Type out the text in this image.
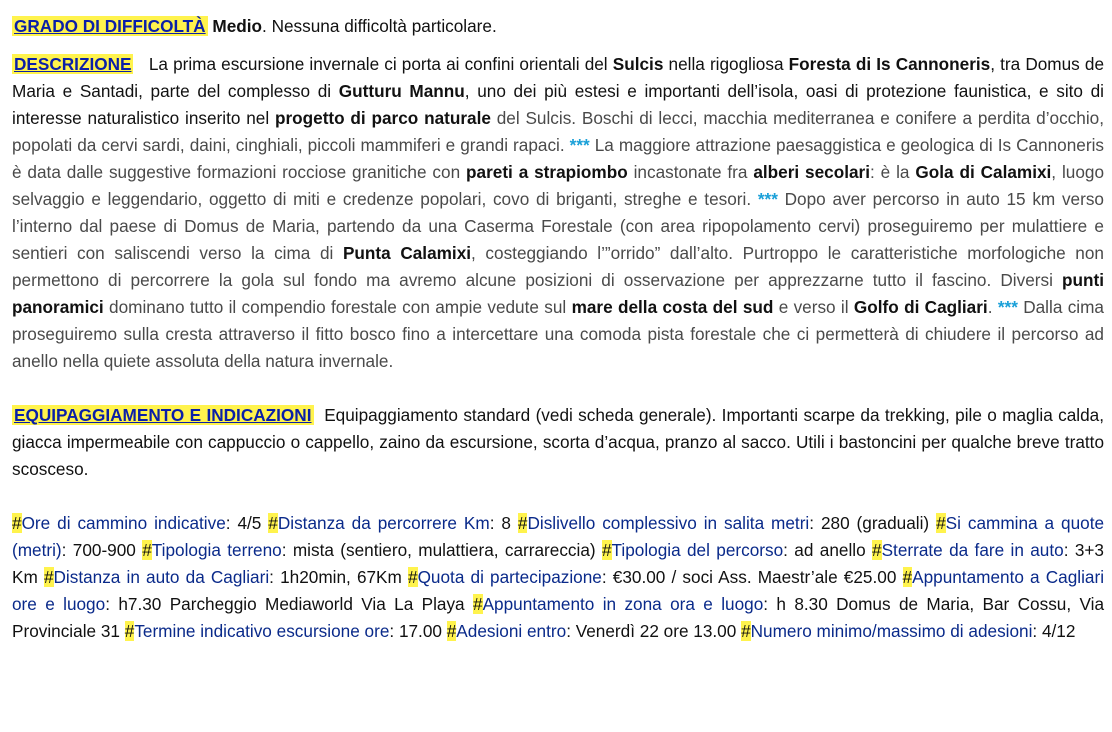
GRADO DI DIFFICOLTÀ Medio. Nessuna difficoltà particolare.

DESCRIZIONE La prima escursione invernale ci porta ai confini orientali del Sulcis nella rigogliosa Foresta di Is Cannoneris, tra Domus de Maria e Santadi, parte del complesso di Gutturu Mannu, uno dei più estesi e importanti dell’isola, oasi di protezione faunistica, e sito di interesse naturalistico inserito nel progetto di parco naturale del Sulcis. Boschi di lecci, macchia mediterranea e conifere a perdita d’occhio, popolati da cervi sardi, daini, cinghiali, piccoli mammiferi e grandi rapaci. *** La maggiore attrazione paesaggistica e geologica di Is Cannoneris è data dalle suggestive formazioni rocciose granitiche con pareti a strapiombo incastonate fra alberi secolari: è la Gola di Calamixi, luogo selvaggio e leggendario, oggetto di miti e credenze popolari, covo di briganti, streghe e tesori. *** Dopo aver percorso in auto 15 km verso l’interno dal paese di Domus de Maria, partendo da una Caserma Forestale (con area ripopolamento cervi) proseguiremo per mulattiere e sentieri con saliscendi verso la cima di Punta Calamixi, costeggiando l’”orrido” dall’alto. Purtroppo le caratteristiche morfologiche non permettono di percorrere la gola sul fondo ma avremo alcune posizioni di osservazione per apprezzarne tutto il fascino. Diversi punti panoramici dominano tutto il compendio forestale con ampie vedute sul mare della costa del sud e verso il Golfo di Cagliari. *** Dalla cima proseguiremo sulla cresta attraverso il fitto bosco fino a intercettare una comoda pista forestale che ci permetterà di chiudere il percorso ad anello nella quiete assoluta della natura invernale.

EQUIPAGGIAMENTO E INDICAZIONI Equipaggiamento standard (vedi scheda generale). Importanti scarpe da trekking, pile o maglia calda, giacca impermeabile con cappuccio o cappello, zaino da escursione, scorta d’acqua, pranzo al sacco. Utili i bastoncini per qualche breve tratto scosceso.

#Ore di cammino indicative: 4/5 #Distanza da percorrere Km: 8 #Dislivello complessivo in salita metri: 280 (graduali) #Si cammina a quote (metri): 700-900 #Tipologia terreno: mista (sentiero, mulattiera, carrareccia) #Tipologia del percorso: ad anello #Sterrate da fare in auto: 3+3 Km #Distanza in auto da Cagliari: 1h20min, 67Km #Quota di partecipazione: €30.00 / soci Ass. Maestr’ale €25.00 #Appuntamento a Cagliari ore e luogo: h7.30 Parcheggio Mediaworld Via La Playa #Appuntamento in zona ora e luogo: h 8.30 Domus de Maria, Bar Cossu, Via Provinciale 31 #Termine indicativo escursione ore: 17.00 #Adesioni entro: Venerdì 22 ore 13.00 #Numero minimo/massimo di adesioni: 4/12
